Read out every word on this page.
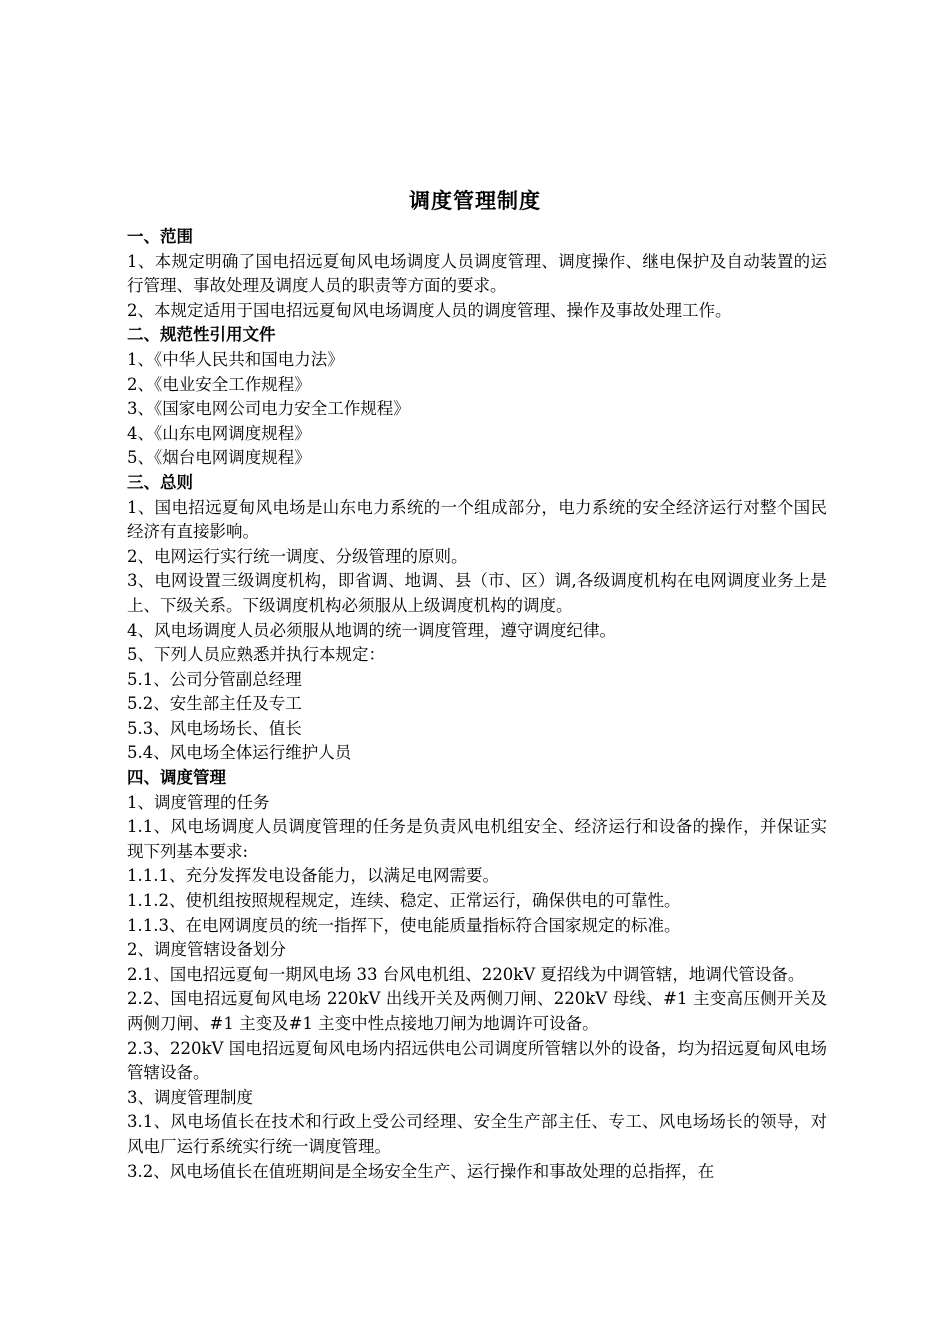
调度管理制度
一、范围

1、本规定明确了国电招远夏甸风电场调度人员调度管理、调度操作、继电保护及自动装置的运行管理、事故处理及调度人员的职责等方面的要求。

2、本规定适用于国电招远夏甸风电场调度人员的调度管理、操作及事故处理工作。

二、规范性引用文件

1、《中华人民共和国电力法》

2、《电业安全工作规程》

3、《国家电网公司电力安全工作规程》

4、《山东电网调度规程》

5、《烟台电网调度规程》

三、总则

1、国电招远夏甸风电场是山东电力系统的一个组成部分，电力系统的安全经济运行对整个国民经济有直接影响。

2、电网运行实行统一调度、分级管理的原则。

3、电网设置三级调度机构，即省调、地调、县（市、区）调,各级调度机构在电网调度业务上是上、下级关系。下级调度机构必须服从上级调度机构的调度。

4、风电场调度人员必须服从地调的统一调度管理，遵守调度纪律。

5、下列人员应熟悉并执行本规定：

5.1、公司分管副总经理

5.2、安生部主任及专工

5.3、风电场场长、值长

5.4、风电场全体运行维护人员

四、调度管理

1、调度管理的任务

1.1、风电场调度人员调度管理的任务是负责风电机组安全、经济运行和设备的操作，并保证实现下列基本要求:

1.1.1、充分发挥发电设备能力，以满足电网需要。

1.1.2、使机组按照规程规定，连续、稳定、正常运行，确保供电的可靠性。

1.1.3、在电网调度员的统一指挥下，使电能质量指标符合国家规定的标准。

2、调度管辖设备划分

2.1、国电招远夏甸一期风电场 33 台风电机组、220kV 夏招线为中调管辖，地调代管设备。

2.2、国电招远夏甸风电场 220kV 出线开关及两侧刀闸、220kV 母线、#1 主变高压侧开关及两侧刀闸、#1 主变及#1 主变中性点接地刀闸为地调许可设备。

2.3、220kV 国电招远夏甸风电场内招远供电公司调度所管辖以外的设备，均为招远夏甸风电场管辖设备。

3、调度管理制度

3.1、风电场值长在技术和行政上受公司经理、安全生产部主任、专工、风电场场长的领导，对风电厂运行系统实行统一调度管理。

3.2、风电场值长在值班期间是全场安全生产、运行操作和事故处理的总指挥，在
